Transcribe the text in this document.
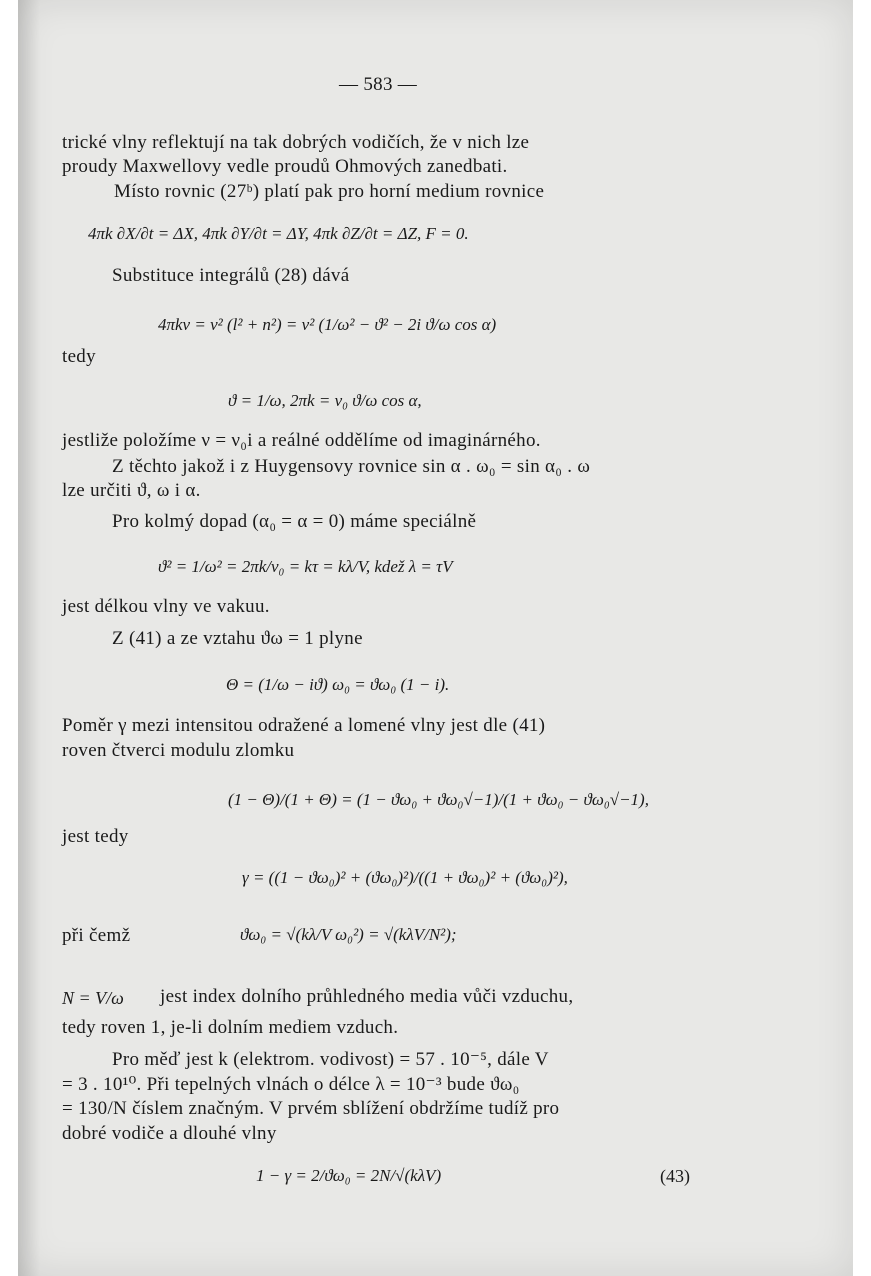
— 583 —
trické vlny reflektují na tak dobrých vodičích, že v nich lze
proudy Maxwellovy vedle proudů Ohmových zanedbati.
Místo rovnic (27ᵇ) platí pak pro horní medium rovnice
4πk ∂X/∂t = ΔX, 4πk ∂Y/∂t = ΔY, 4πk ∂Z/∂t = ΔZ, F = 0.
Substituce integrálů (28) dává
4πkν = ν² (l² + n²) = ν² (1/ω² − ϑ² − 2i ϑ/ω cos α)
tedy
ϑ = 1/ω, 2πk = ν₀ ϑ/ω cos α,
jestliže položíme ν = ν₀i a reálné oddělíme od imaginárného.
Z těchto jakož i z Huygensovy rovnice sin α . ω₀ = sin α₀ . ω
lze určiti ϑ, ω i α.
Pro kolmý dopad (α₀ = α = 0) máme speciálně
ϑ² = 1/ω² = 2πk/ν₀ = kτ = kλ/V, kdež λ = τV
jest délkou vlny ve vakuu.
Z (41) a ze vztahu ϑω = 1 plyne
Θ = (1/ω − iϑ) ω₀ = ϑω₀ (1 − i).
Poměr γ mezi intensitou odražené a lomené vlny jest dle (41)
roven čtverci modulu zlomku
(1 − Θ)/(1 + Θ) = (1 − ϑω₀ + ϑω₀√−1)/(1 + ϑω₀ − ϑω₀√−1),
jest tedy
γ = ((1 − ϑω₀)² + (ϑω₀)²)/((1 + ϑω₀)² + (ϑω₀)²),
při čemž	ϑω₀ = √(kλ/V ω₀²) = √(kλV/N²);
N = V/ω jest index dolního průhledného media vůči vzduchu,
tedy roven 1, je-li dolním mediem vzduch.
Pro měď jest k (elektrom. vodivost) = 57 . 10⁻⁵, dále V
= 3 . 10¹⁰. Při tepelných vlnách o délce λ = 10⁻³ bude ϑω₀
= 130/N číslem značným. V prvém sblížení obdržíme tudíž pro
dobré vodiče a dlouhé vlny
1 − γ = 2/ϑω₀ = 2N/√(kλV)	(43)
